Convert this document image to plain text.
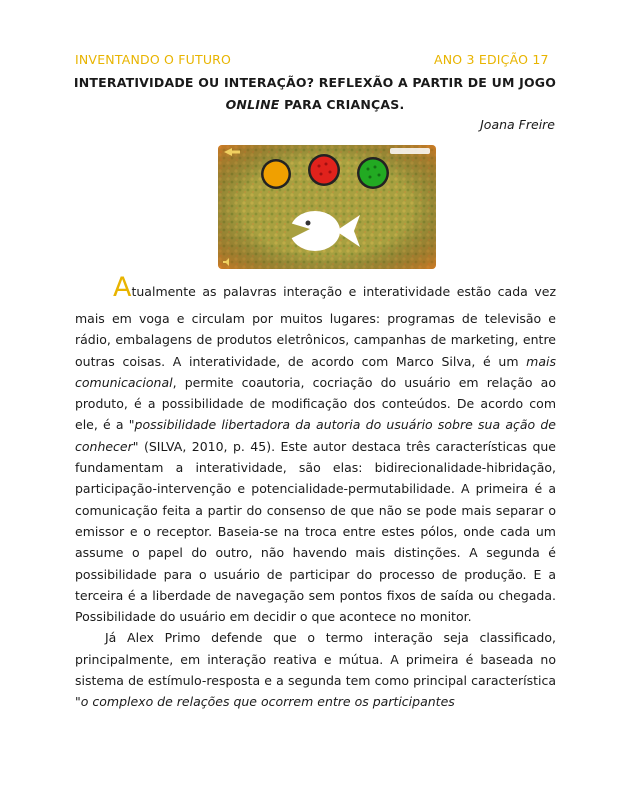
INVENTANDO O FUTURO	ANO 3 EDIÇÃO 17
INTERATIVIDADE OU INTERAÇÃO? REFLEXÃO A PARTIR DE UM JOGO ONLINE PARA CRIANÇAS.
Joana Freire

Atualmente as palavras interação e interatividade estão cada vez
mais em voga e circulam por muitos lugares: programas de televisão e rádio, embalagens de produtos eletrônicos, campanhas de marketing, entre outras coisas. A interatividade, de acordo com Marco Silva, é um mais comunicacional, permite coautoria, cocriação do usuário em relação ao produto, é a possibilidade de modificação dos conteúdos. De acordo com ele, é a "possibilidade libertadora da autoria do usuário sobre sua ação de conhecer" (SILVA, 2010, p. 45). Este autor destaca três características que fundamentam a interatividade, são elas: bidirecionalidade-hibridação, participação-intervenção e potencialidade-permutabilidade. A primeira é a comunicação feita a partir do consenso de que não se pode mais separar o emissor e o receptor. Baseia-se na troca entre estes pólos, onde cada um assume o papel do outro, não havendo mais distinções. A segunda é possibilidade para o usuário de participar do processo de produção. E a terceira é a liberdade de navegação sem pontos fixos de saída ou chegada. Possibilidade do usuário em decidir o que acontece no monitor.

Já Alex Primo defende que o termo interação seja classificado, principalmente, em interação reativa e mútua. A primeira é baseada no sistema de estímulo-resposta e a segunda tem como principal característica "o complexo de relações que ocorrem entre os participantes
